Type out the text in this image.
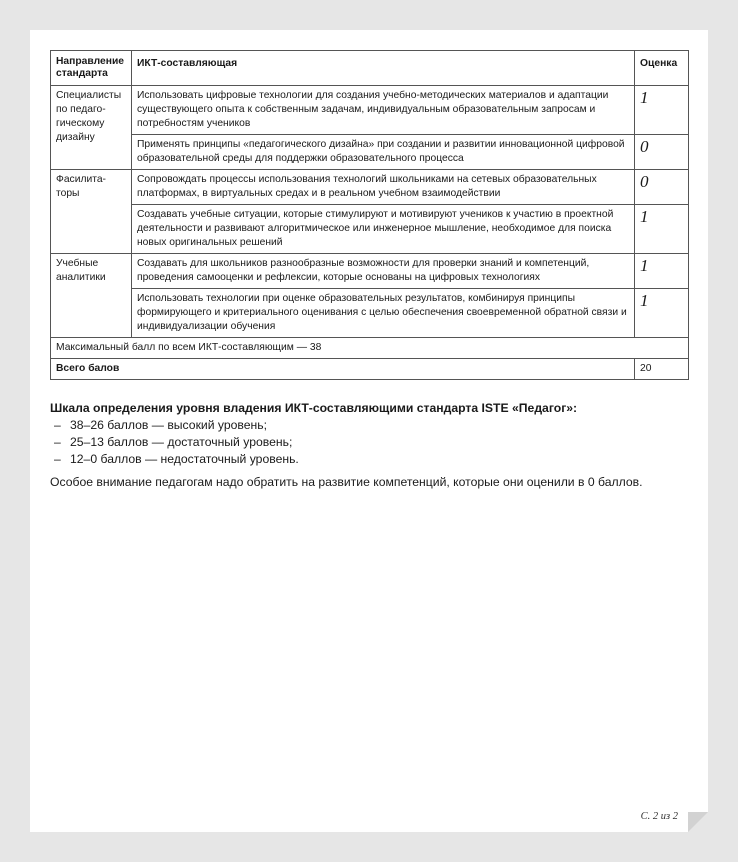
Направление стандарта	ИКТ-составляющая	Оценка
Специалисты по педаго-гическому дизайну	Использовать цифровые технологии для создания учебно-методических материалов и адаптации существующего опыта к собственным задачам, индивидуальным образовательным запросам и потребностям учеников	1
	Применять принципы «педагогического дизайна» при создании и развитии инновационной цифровой образовательной среды для поддержки образовательного процесса	0
Фасилита-торы	Сопровождать процессы использования технологий школьниками на сетевых образовательных платформах, в виртуальных средах и в реальном учебном взаимодействии	0
	Создавать учебные ситуации, которые стимулируют и мотивируют учеников к участию в проектной деятельности и развивают алгоритмическое или инженерное мышление, необходимое для поиска новых оригинальных решений	1
Учебные аналитики	Создавать для школьников разнообразные возможности для проверки знаний и компетенций, проведения самооценки и рефлексии, которые основаны на цифровых технологиях	1
	Использовать технологии при оценке образовательных результатов, комбинируя принципы формирующего и критериального оценивания с целью обеспечения своевременной обратной связи и индивидуализации обучения	1
Максимальный балл по всем ИКТ-составляющим — 38		
Всего балов		20
Шкала определения уровня владения ИКТ-составляющими стандарта ISTE «Педагог»:
– 38–26 баллов — высокий уровень;
– 25–13 баллов — достаточный уровень;
– 12–0 баллов — недостаточный уровень.
Особое внимание педагогам надо обратить на развитие компетенций, которые они оценили в 0 баллов.
С. 2 из 2
